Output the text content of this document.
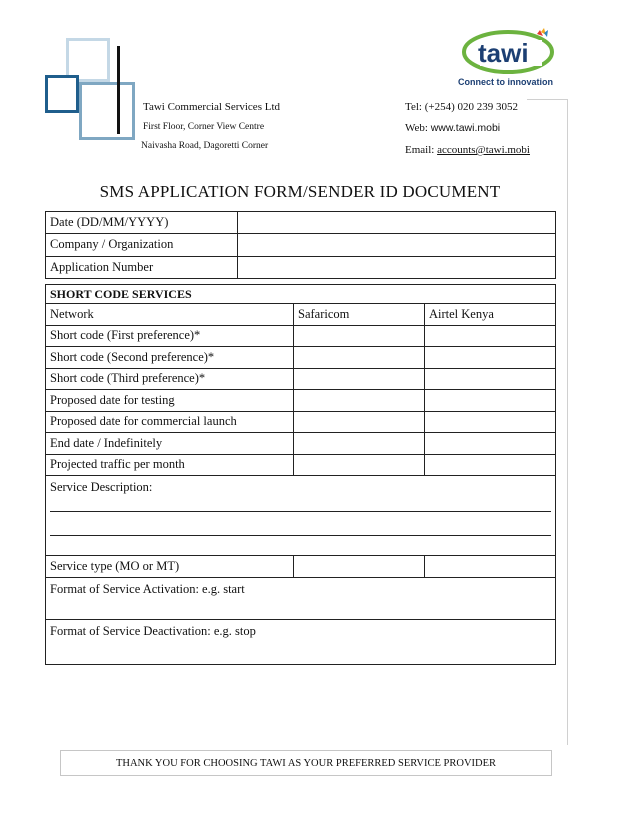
tawi
Connect to innovation
Tawi Commercial Services Ltd
First Floor, Corner View Centre
Naivasha Road, Dagoretti Corner
Tel: (+254) 020 239 3052
Web: www.tawi.mobi
Email: accounts@tawi.mobi
SMS APPLICATION FORM/SENDER ID DOCUMENT
Date (DD/MM/YYYY)	
Company / Organization	
Application Number	
SHORT CODE SERVICES		
Network	Safaricom	Airtel Kenya
Short code (First preference)*		
Short code (Second preference)*		
Short code (Third preference)*		
Proposed date for testing		
Proposed date for commercial launch		
End date / Indefinitely		
Projected traffic per month		
Service Description:		

Service type (MO or MT)		
Format of Service Activation: e.g. start		
Format of Service Deactivation: e.g. stop		
THANK YOU FOR CHOOSING TAWI AS YOUR PREFERRED SERVICE PROVIDER
